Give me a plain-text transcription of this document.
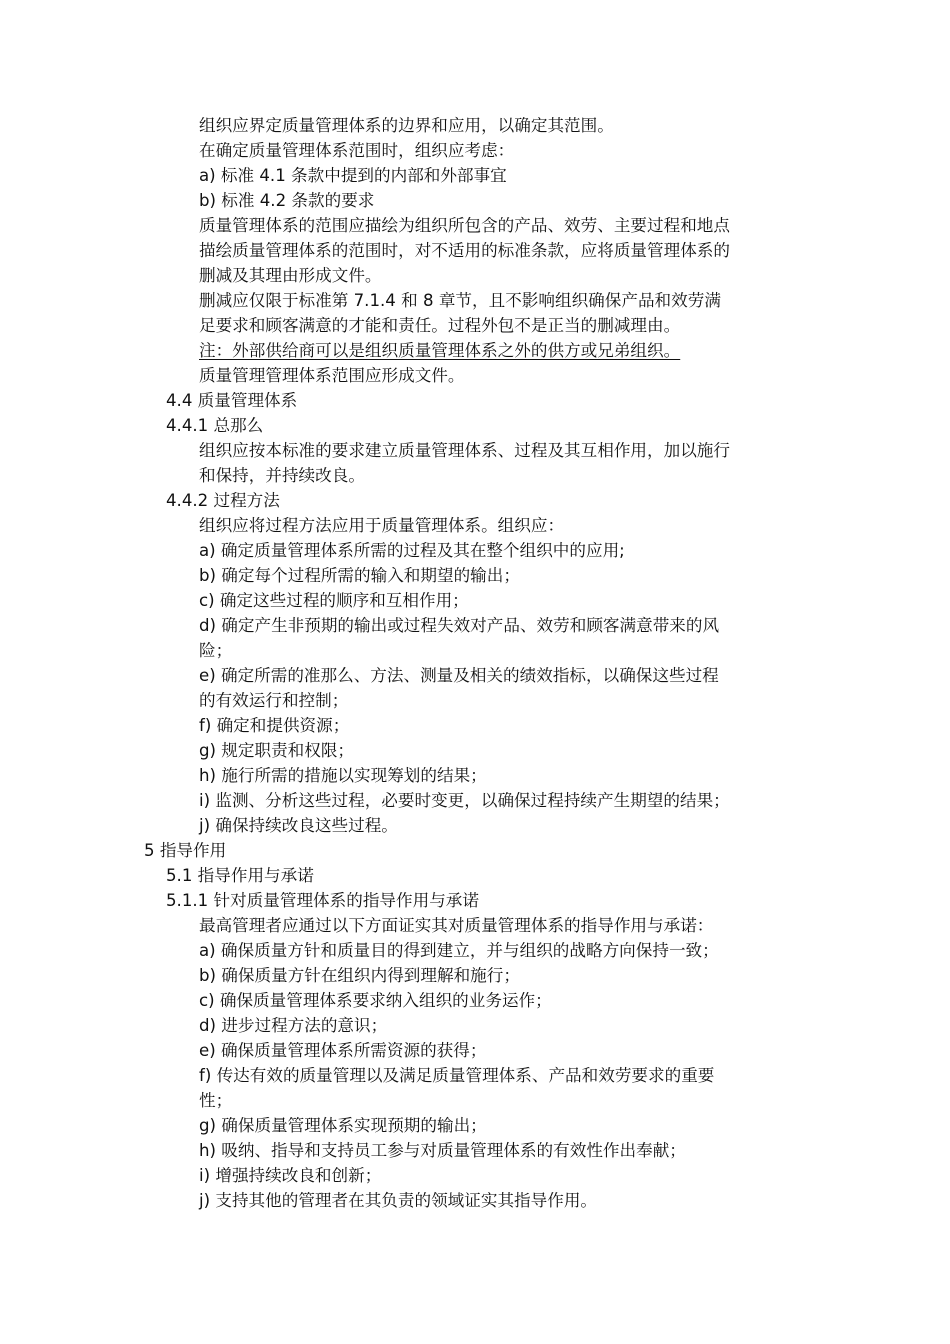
组织应界定质量管理体系的边界和应用，以确定其范围。

在确定质量管理体系范围时，组织应考虑：

a) 标准 4.1 条款中提到的内部和外部事宜

b) 标准 4.2 条款的要求

质量管理体系的范围应描绘为组织所包含的产品、效劳、主要过程和地点

描绘质量管理体系的范围时，对不适用的标准条款，应将质量管理体系的

删减及其理由形成文件。

删减应仅限于标准第 7.1.4 和 8 章节，且不影响组织确保产品和效劳满

足要求和顾客满意的才能和责任。过程外包不是正当的删减理由。

注：外部供给商可以是组织质量管理体系之外的供方或兄弟组织。

质量管理管理体系范围应形成文件。

4.4 质量管理体系

4.4.1 总那么

组织应按本标准的要求建立质量管理体系、过程及其互相作用，加以施行

和保持，并持续改良。

4.4.2 过程方法

组织应将过程方法应用于质量管理体系。组织应：

a) 确定质量管理体系所需的过程及其在整个组织中的应用;

b) 确定每个过程所需的输入和期望的输出；

c) 确定这些过程的顺序和互相作用；

d) 确定产生非预期的输出或过程失效对产品、效劳和顾客满意带来的风

险；

e) 确定所需的准那么、方法、测量及相关的绩效指标，以确保这些过程

的有效运行和控制；

f) 确定和提供资源；

g) 规定职责和权限；

h) 施行所需的措施以实现筹划的结果；

i) 监测、分析这些过程，必要时变更，以确保过程持续产生期望的结果；

j) 确保持续改良这些过程。

5 指导作用

5.1 指导作用与承诺

5.1.1 针对质量管理体系的指导作用与承诺

最高管理者应通过以下方面证实其对质量管理体系的指导作用与承诺：

a) 确保质量方针和质量目的得到建立，并与组织的战略方向保持一致；

b) 确保质量方针在组织内得到理解和施行；

c) 确保质量管理体系要求纳入组织的业务运作；

d) 进步过程方法的意识；

e) 确保质量管理体系所需资源的获得；

f) 传达有效的质量管理以及满足质量管理体系、产品和效劳要求的重要

性；

g) 确保质量管理体系实现预期的输出；

h) 吸纳、指导和支持员工参与对质量管理体系的有效性作出奉献；

i) 增强持续改良和创新；

j) 支持其他的管理者在其负责的领域证实其指导作用。
